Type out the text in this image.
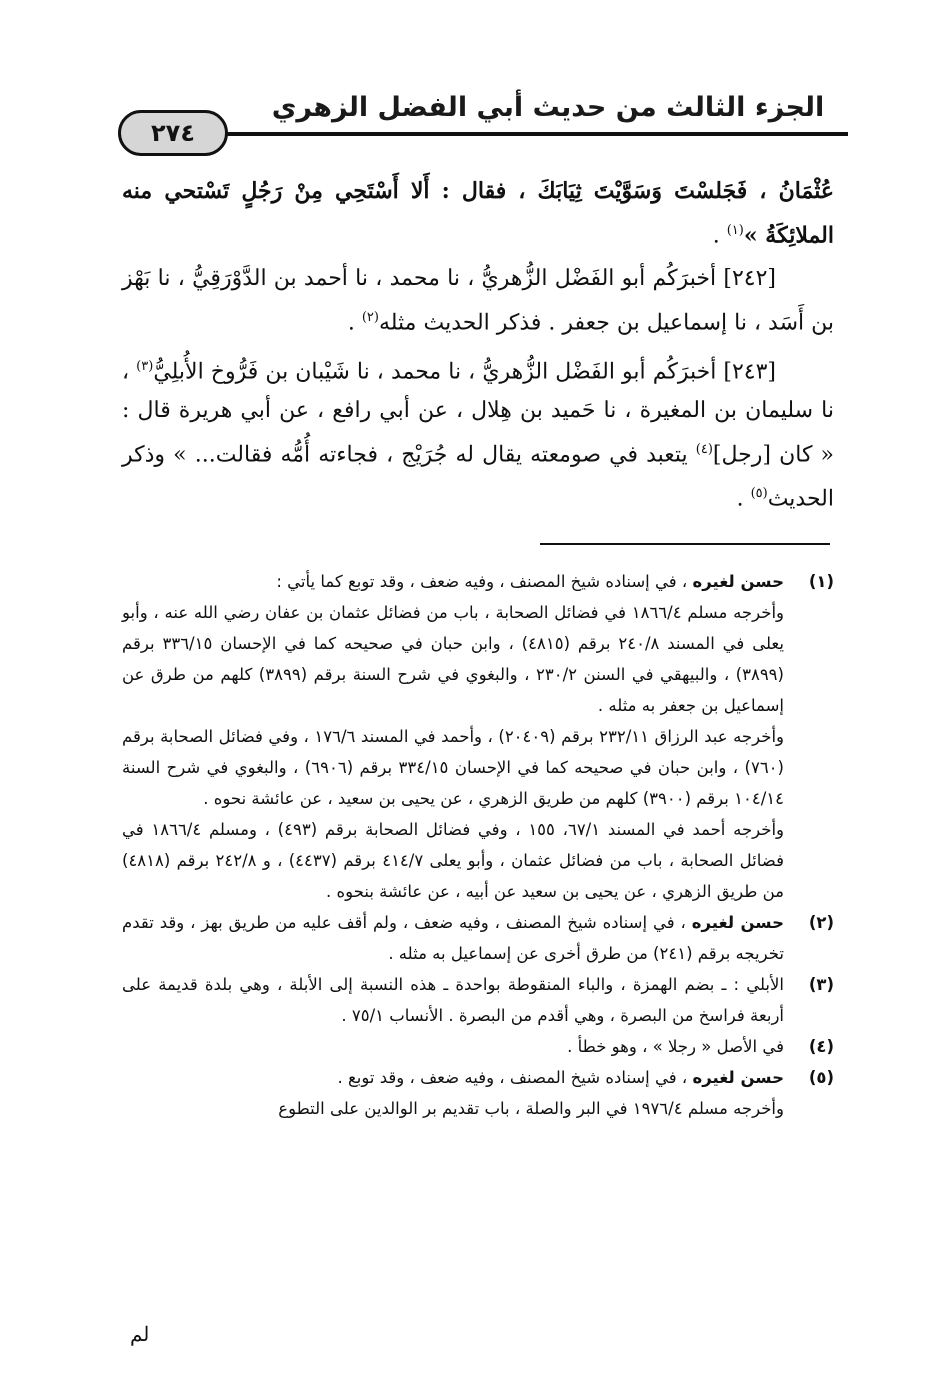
الجزء الثالث من حديث أبي الفضل الزهري
٢٧٤

عُثْمَانُ ، فَجَلسْتَ وَسَوَّيْتَ ثِيَابَكَ ، فقال : أَلا أَسْتَحِي مِنْ رَجُلٍ تَسْتحي منه الملائِكَةُ »$^{(١)}$ .

[٢٤٢] أخبرَكُم أبو الفَضْل الزُّهريُّ ، نا محمد ، نا أحمد بن الدَّوْرَقِيُّ ، نا بَهْز بن أَسَد ، نا إسماعيل بن جعفر . فذكر الحديث مثله$^{(٢)}$ .

[٢٤٣] أخبرَكُم أبو الفَضْل الزُّهريُّ ، نا محمد ، نا شَيْبان بن فَرُّوخ الأُبلِيُّ$^{(٣)}$ ، نا سليمان بن المغيرة ، نا حَميد بن هِلال ، عن أبي رافع ، عن أبي هريرة قال : « كان [رجل]$^{(٤)}$ يتعبد في صومعته يقال له جُرَيْج ، فجاءته أُمُّه فقالت... » وذكر الحديث$^{(٥)}$ .

(١)

حسن لغيره ، في إسناده شيخ المصنف ، وفيه ضعف ، وقد توبع كما يأتي :

وأخرجه مسلم ١٨٦٦/٤ في فضائل الصحابة ، باب من فضائل عثمان بن عفان رضي الله عنه ، وأبو يعلى في المسند ٢٤٠/٨ برقم (٤٨١٥) ، وابن حبان في صحيحه كما في الإحسان ٣٣٦/١٥ برقم (٣٨٩٩) ، والبيهقي في السنن ٢٣٠/٢ ، والبغوي في شرح السنة برقم (٣٨٩٩) كلهم من طرق عن إسماعيل بن جعفر به مثله .

وأخرجه عبد الرزاق ٢٣٢/١١ برقم (٢٠٤٠٩) ، وأحمد في المسند ١٧٦/٦ ، وفي فضائل الصحابة برقم (٧٦٠) ، وابن حبان في صحيحه كما في الإحسان ٣٣٤/١٥ برقم (٦٩٠٦) ، والبغوي في شرح السنة ١٠٤/١٤ برقم (٣٩٠٠) كلهم من طريق الزهري ، عن يحيى بن سعيد ، عن عائشة نحوه .

وأخرجه أحمد في المسند ٦٧/١، ١٥٥ ، وفي فضائل الصحابة برقم (٤٩٣) ، ومسلم ١٨٦٦/٤ في فضائل الصحابة ، باب من فضائل عثمان ، وأبو يعلى ٤١٤/٧ برقم (٤٤٣٧) ، و ٢٤٢/٨ برقم (٤٨١٨) من طريق الزهري ، عن يحيى بن سعيد عن أبيه ، عن عائشة بنحوه .

(٢)

حسن لغيره ، في إسناده شيخ المصنف ، وفيه ضعف ، ولم أقف عليه من طريق بهز ، وقد تقدم تخريجه برقم (٢٤١) من طرق أخرى عن إسماعيل به مثله .

(٣)

الأبلي : ـ بضم الهمزة ، والباء المنقوطة بواحدة ـ هذه النسبة إلى الأبلة ، وهي بلدة قديمة على أربعة فراسخ من البصرة ، وهي أقدم من البصرة . الأنساب ٧٥/١ .

(٤)

في الأصل « رجلا » ، وهو خطأ .

(٥)

حسن لغيره ، في إسناده شيخ المصنف ، وفيه ضعف ، وقد توبع .

وأخرجه مسلم ١٩٧٦/٤ في البر والصلة ، باب تقديم بر الوالدين على التطوع

لم
